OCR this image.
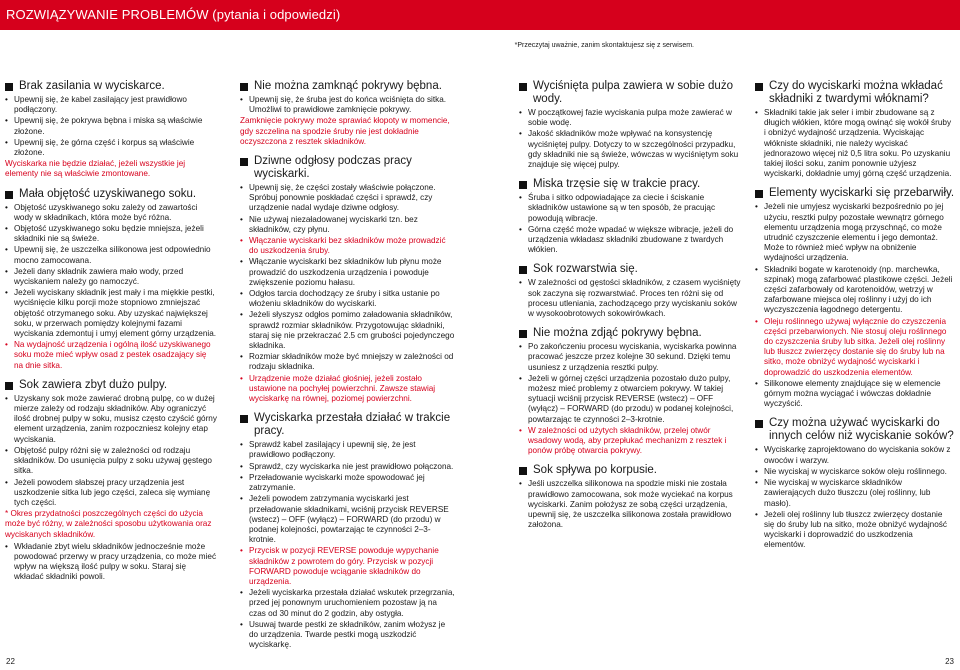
ROZWIĄZYWANIE PROBLEMÓW (pytania i odpowiedzi)
*Przeczytaj uważnie, zanim skontaktujesz się z serwisem.
Brak zasilania w wyciskarce.
• Upewnij się, że kabel zasilający jest prawidłowo podłączony.
• Upewnij się, że pokrywa bębna i miska są właściwie złożone.
• Upewnij się, że górna część i korpus są właściwie złożone.
Wyciskarka nie będzie działać, jeżeli wszystkie jej elementy nie są właściwie zmontowane.
Mała objętość uzyskiwanego soku.
• Objętość uzyskiwanego soku zależy od zawartości wody w składnikach, która może być różna.
• Objętość uzyskiwanego soku będzie mniejsza, jeżeli składniki nie są świeże.
• Upewnij się, że uszczelka silikonowa jest odpowiednio mocno zamocowana.
• Jeżeli dany składnik zawiera mało wody, przed wyciskaniem należy go namoczyć.
• Jeżeli wyciskany składnik jest mały i ma miękkie pestki, wyciśnięcie kilku porcji może stopniowo zmniejszać objętość otrzymanego soku. Aby uzyskać największej soku, w przerwach pomiędzy kolejnymi fazami wyciskania zdemontuj i umyj element górny urządzenia.
• Na wydajność urządzenia i ogólną ilość uzyskiwanego soku może mieć wpływ osad z pestek osadzający się na dnie sitka.
Sok zawiera zbyt dużo pulpy.
• Uzyskany sok może zawierać drobną pulpę, co w dużej mierze zależy od rodzaju składników. Aby ograniczyć ilość drobnej pulpy w soku, musisz często czyścić górny element urządzenia, zanim rozpoczniesz kolejny etap wyciskania.
• Objętość pulpy różni się w zależności od rodzaju składników. Do usunięcia pulpy z soku używaj gęstego sitka.
• Jeżeli powodem słabszej pracy urządzenia jest uszkodzenie sitka lub jego części, zaleca się wymianę tych części.
* Okres przydatności poszczególnych części do użycia może być różny, w zależności sposobu użytkowania oraz wyciskanych składników.
• Wkładanie zbyt wielu składników jednocześnie może powodować przerwy w pracy urządzenia, co może mieć wpływ na większą ilość pulpy w soku. Staraj się wkładać składniki powoli.
Nie można zamknąć pokrywy bębna.
• Upewnij się, że śruba jest do końca wciśnięta do sitka. Umożliwi to prawidłowe zamknięcie pokrywy.
Zamknięcie pokrywy może sprawiać kłopoty w momencie, gdy szczelina na spodzie śruby nie jest dokładnie oczyszczona z resztek składników.
Dziwne odgłosy podczas pracy wyciskarki.
• Upewnij się, że części zostały właściwie połączone. Spróbuj ponownie poskładać części i sprawdź, czy urządzenie nadal wydaje dziwne odgłosy.
• Nie używaj niezaładowanej wyciskarki tzn. bez składników, czy płynu.
• Włączanie wyciskarki bez składników może prowadzić do uszkodzenia śruby.
• Włączanie wyciskarki bez składników lub płynu może prowadzić do uszkodzenia urządzenia i powoduje zwiększenie poziomu hałasu.
• Odgłos tarcia dochodzący ze śruby i sitka ustanie po włożeniu składników do wyciskarki.
• Jeżeli słyszysz odgłos pomimo załadowania składników, sprawdź rozmiar składników. Przygotowując składniki, staraj się nie przekraczać 2.5 cm grubości pojedynczego składnika.
• Rozmiar składników może być mniejszy w zależności od rodzaju składnika.
• Urządzenie może działać głośniej, jeżeli zostało ustawione na pochyłej powierzchni. Zawsze stawiaj wyciskarkę na równej, poziomej powierzchni.
Wyciskarka przestała działać w trakcie pracy.
• Sprawdź kabel zasilający i upewnij się, że jest prawidłowo podłączony.
• Sprawdź, czy wyciskarka nie jest prawidłowo połączona.
• Przeładowanie wyciskarki może spowodować jej zatrzymanie.
• Jeżeli powodem zatrzymania wyciskarki jest przeładowanie składnikami, wciśnij przycisk REVERSE (wstecz) – OFF (wyłącz) – FORWARD (do przodu) w podanej kolejności, powtarzając te czynności 2–3-krotnie.
• Przycisk w pozycji REVERSE powoduje wypychanie składników z powrotem do góry. Przycisk w pozycji FORWARD powoduje wciąganie składników do urządzenia.
• Jeżeli wyciskarka przestała działać wskutek przegrzania, przed jej ponownym uruchomieniem pozostaw ją na czas od 30 minut do 2 godzin, aby ostygła.
• Usuwaj twarde pestki ze składników, zanim włożysz je do urządzenia. Twarde pestki mogą uszkodzić wyciskarkę.
Wyciśnięta pulpa zawiera w sobie dużo wody.
• W początkowej fazie wyciskania pulpa może zawierać w sobie wodę.
• Jakość składników może wpływać na konsystencję wyciśniętej pulpy. Dotyczy to w szczególności przypadku, gdy składniki nie są świeże, wówczas w wyciśniętym soku znajduje się więcej pulpy.
Miska trzęsie się w trakcie pracy.
• Śruba i sitko odpowiadające za ciecie i ściskanie składników ustawione są w ten sposób, że pracując powodują wibracje.
• Górna część może wpadać w większe wibracje, jeżeli do urządzenia wkładasz składniki zbudowane z twardych włókien.
Sok rozwarstwia się.
• W zależności od gęstości składników, z czasem wyciśnięty sok zaczyna się rozwarstwiać. Proces ten różni się od procesu utleniania, zachodzącego przy wyciskaniu soków w wysokoobrotowych sokowirówkach.
Nie można zdjąć pokrywy bębna.
• Po zakończeniu procesu wyciskania, wyciskarka powinna pracować jeszcze przez kolejne 30 sekund. Dzięki temu usuniesz z urządzenia resztki pulpy.
• Jeżeli w górnej części urządzenia pozostało dużo pulpy, możesz mieć problemy z otwarciem pokrywy. W takiej sytuacji wciśnij przycisk REVERSE (wstecz) – OFF (wyłącz) – FORWARD (do przodu) w podanej kolejności, powtarzając te czynności 2–3-krotnie.
• W zależności od użytych składników, przelej otwór wsadowy wodą, aby przepłukać mechanizm z resztek i ponów próbę otwarcia pokrywy.
Sok spływa po korpusie.
• Jeśli uszczelka silikonowa na spodzie miski nie została prawidłowo zamocowana, sok może wyciekać na korpus wyciskarki. Zanim położysz ze sobą części urządzenia, upewnij się, że uszczelka silikonowa została prawidłowo założona.
Czy do wyciskarki można wkładać składniki z twardymi włóknami?
• Składniki takie jak seler i imbir zbudowane są z długich włókien, które mogą owinąć się wokół śruby i obniżyć wydajność urządzenia. Wyciskając włókniste składniki, nie należy wyciskać jednorazowo więcej niż 0,5 litra soku. Po uzyskaniu takiej ilości soku, zanim ponownie użyjesz wyciskarki, dokładnie umyj górną część urządzenia.
Elementy wyciskarki się przebarwiły.
• Jeżeli nie umyjesz wyciskarki bezpośrednio po jej użyciu, resztki pulpy pozostałe wewnątrz górnego elementu urządzenia mogą przyschnąć, co może utrudnić czyszczenie elementu i jego demontaż. Może to również mieć wpływ na obniżenie wydajności urządzenia.
• Składniki bogate w karotenoidy (np. marchewka, szpinak) mogą zafarbować plastikowe części. Jeżeli części zafarbowały od karotenoidów, wetrzyj w zafarbowane miejsca olej roślinny i użyj do ich wyczyszczenia łagodnego detergentu.
• Oleju roślinnego używaj wyłącznie do czyszczenia części przebarwionych. Nie stosuj oleju roślinnego do czyszczenia śruby lub sitka. Jeżeli olej roślinny lub tłuszcz zwierzęcy dostanie się do śruby lub na sitko, może obniżyć wydajność wyciskarki i doprowadzić do uszkodzenia elementów.
• Silikonowe elementy znajdujące się w elemencie górnym można wyciągać i wówczas dokładnie wyczyścić.
Czy można używać wyciskarki do innych celów niż wyciskanie soków?
• Wyciskarkę zaprojektowano do wyciskania soków z owoców i warzyw.
• Nie wyciskaj w wyciskarce soków oleju roślinnego.
• Nie wyciskaj w wyciskarce składników zawierających dużo tłuszczu (olej roślinny, lub masło).
• Jeżeli olej roślinny lub tłuszcz zwierzęcy dostanie się do śruby lub na sitko, może obniżyć wydajność wyciskarki i doprowadzić do uszkodzenia elementów.
22	23
